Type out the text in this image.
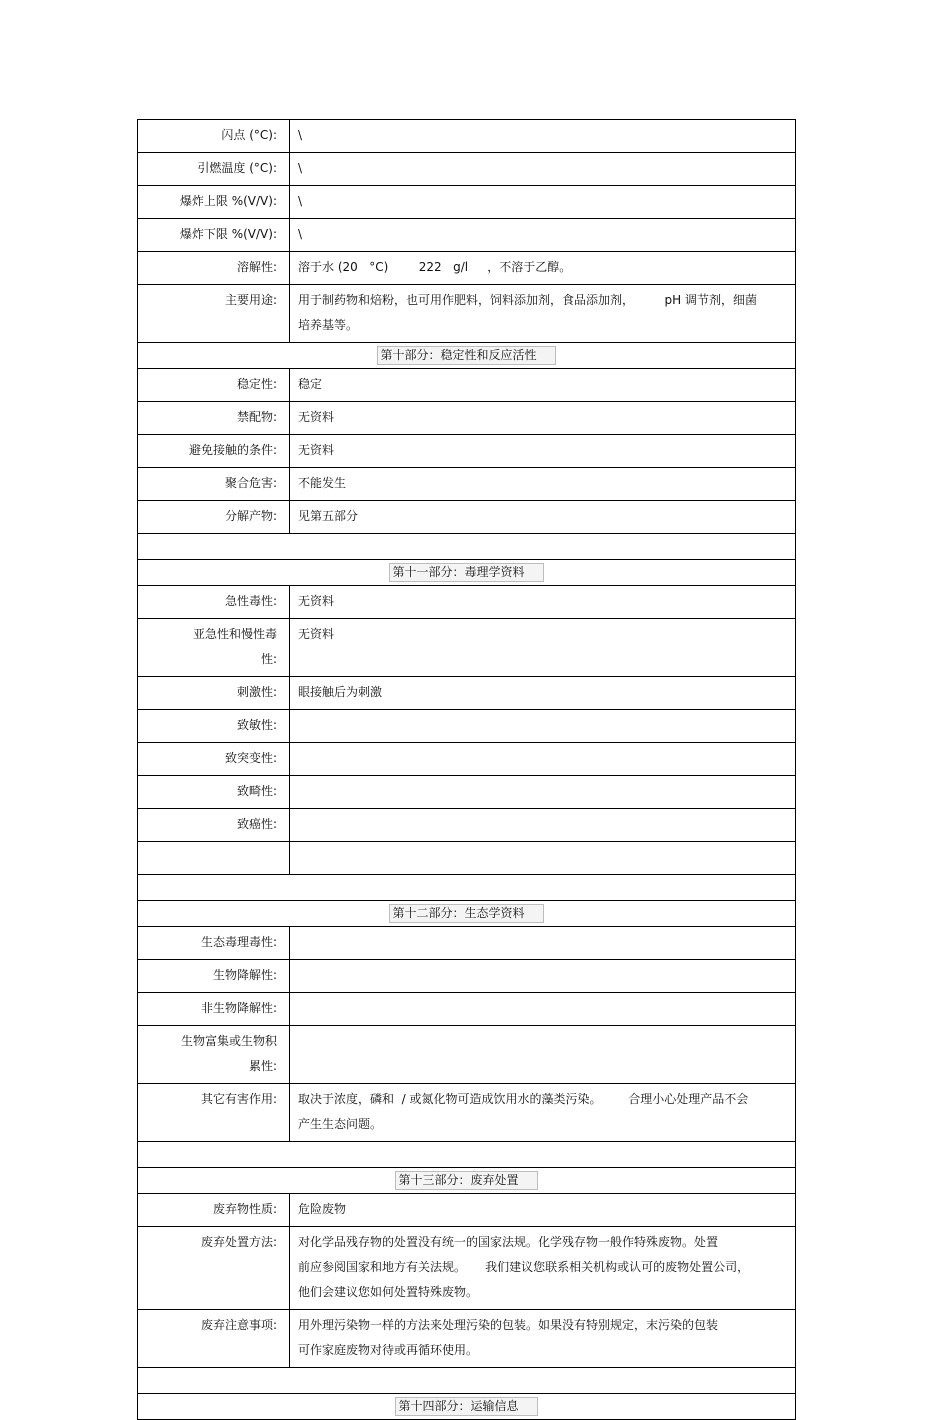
闪点 (°C):	\
引燃温度 (°C):	\
爆炸上限 %(V/V):	\
爆炸下限 %(V/V):	\
溶解性:	溶于水 (20   °C)        222   g/l     ，不溶于乙醇。
主要用途:	用于制药物和焙粉，也可用作肥料，饲料添加剂，食品添加剂，        pH 调节剂，细菌
培养基等。

第十部分：稳定性和反应活性	
稳定性:	稳定
禁配物:	无资料
避免接触的条件:	无资料
聚合危害:	不能发生
分解产物:	见第五部分

第十一部分：毒理学资料	
急性毒性:	无资料

亚急性和慢性毒
性:	无资料
刺激性:	眼接触后为刺激
致敏性:	
致突变性:	
致畸性:	
致癌性:	

第十二部分：生态学资料	
生态毒理毒性:	
生物降解性:	
非生物降解性:	

生物富集或生物积
累性:	

其它有害作用:	取决于浓度，磷和  / 或氮化物可造成饮用水的藻类污染。       合理小心处理产品不会
产生生态问题。

第十三部分：废弃处置	
废弃物性质:	危险废物
废弃处置方法:	对化学品残存物的处置没有统一的国家法规。化学残存物一般作特殊废物。处置
前应参阅国家和地方有关法规。     我们建议您联系相关机构或认可的废物处置公司，
他们会建议您如何处置特殊废物。

废弃注意事项:	用外理污染物一样的方法来处理污染的包装。如果没有特别规定，末污染的包装
可作家庭废物对待或再循环使用。

第十四部分：运输信息	
